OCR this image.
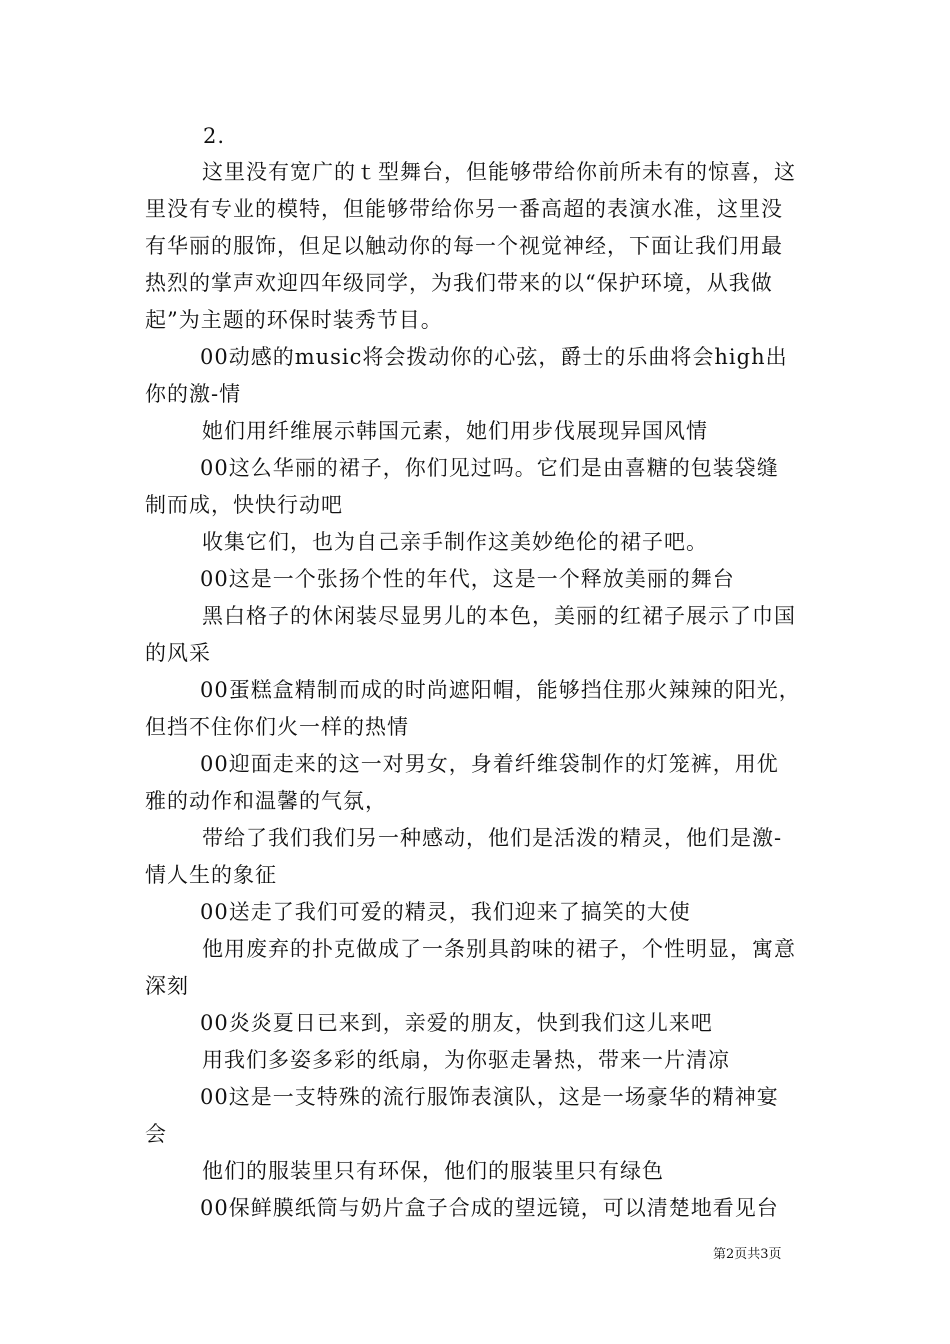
2.
这里没有宽广的ｔ型舞台，但能够带给你前所未有的惊喜，这
里没有专业的模特，但能够带给你另一番高超的表演水准，这里没
有华丽的服饰，但足以触动你的每一个视觉神经，下面让我们用最
热烈的掌声欢迎四年级同学，为我们带来的以“保护环境，从我做
起”为主题的环保时装秀节目。
00动感的music将会拨动你的心弦，爵士的乐曲将会high出
你的激-情
她们用纤维展示韩国元素，她们用步伐展现异国风情
00这么华丽的裙子，你们见过吗。它们是由喜糖的包装袋缝
制而成，快快行动吧
收集它们，也为自己亲手制作这美妙绝伦的裙子吧。
00这是一个张扬个性的年代，这是一个释放美丽的舞台
黑白格子的休闲装尽显男儿的本色，美丽的红裙子展示了巾国
的风采
00蛋糕盒精制而成的时尚遮阳帽，能够挡住那火辣辣的阳光，
但挡不住你们火一样的热情
00迎面走来的这一对男女，身着纤维袋制作的灯笼裤，用优
雅的动作和温馨的气氛，
带给了我们我们另一种感动，他们是活泼的精灵，他们是激-
情人生的象征
00送走了我们可爱的精灵，我们迎来了搞笑的大使
他用废弃的扑克做成了一条别具韵味的裙子，个性明显，寓意
深刻
00炎炎夏日已来到，亲爱的朋友，快到我们这儿来吧
用我们多姿多彩的纸扇，为你驱走暑热，带来一片清凉
00这是一支特殊的流行服饰表演队，这是一场豪华的精神宴
会
他们的服装里只有环保，他们的服装里只有绿色
00保鲜膜纸筒与奶片盒子合成的望远镜，可以清楚地看见台
第2页共3页
